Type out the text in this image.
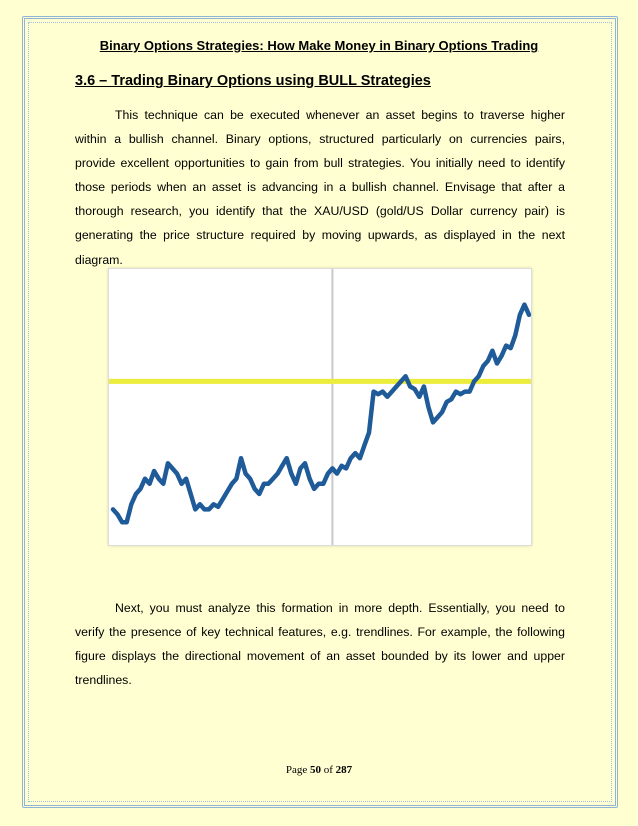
Binary Options Strategies: How Make Money in Binary Options Trading
3.6 – Trading Binary Options using BULL Strategies

This technique can be executed whenever an asset begins to traverse higher within a bullish channel. Binary options, structured particularly on currencies pairs, provide excellent opportunities to gain from bull strategies. You initially need to identify those periods when an asset is advancing in a bullish channel. Envisage that after a thorough research, you identify that the XAU/USD (gold/US Dollar currency pair) is generating the price structure required by moving upwards, as displayed in the next diagram.

Next, you must analyze this formation in more depth. Essentially, you need to verify the presence of key technical features, e.g. trendlines. For example, the following figure displays the directional movement of an asset bounded by its lower and upper trendlines.

Page 50 of 287
